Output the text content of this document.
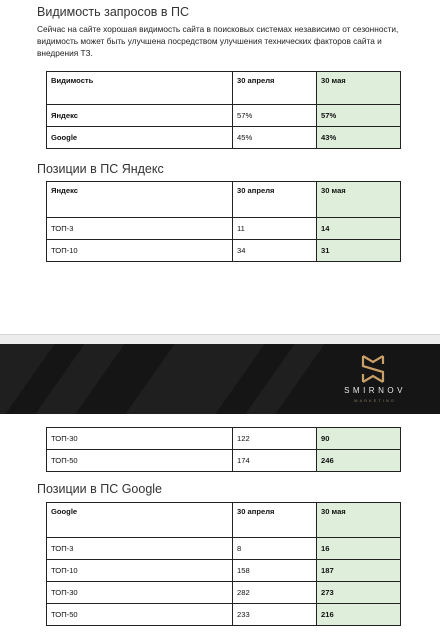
Видимость запросов в ПС

Сейчас на сайте хорошая видимость сайта в поисковых системах независимо от сезонности, видимость может быть улучшена посредством улучшения технических факторов сайта и внедрения ТЗ.

Видимость	30 апреля	30 мая
Яндекс	57%	57%
Google	45%	43%
Позиции в ПС Яндекс
Яндекс	30 апреля	30 мая
ТОП-3	11	14
ТОП-10	34	31
SMIRNOV
MARKETING
ТОП-30	122	90
ТОП-50	174	246
Позиции в ПС Google
Google	30 апреля	30 мая
ТОП-3	8	16
ТОП-10	158	187
ТОП-30	282	273
ТОП-50	233	216
